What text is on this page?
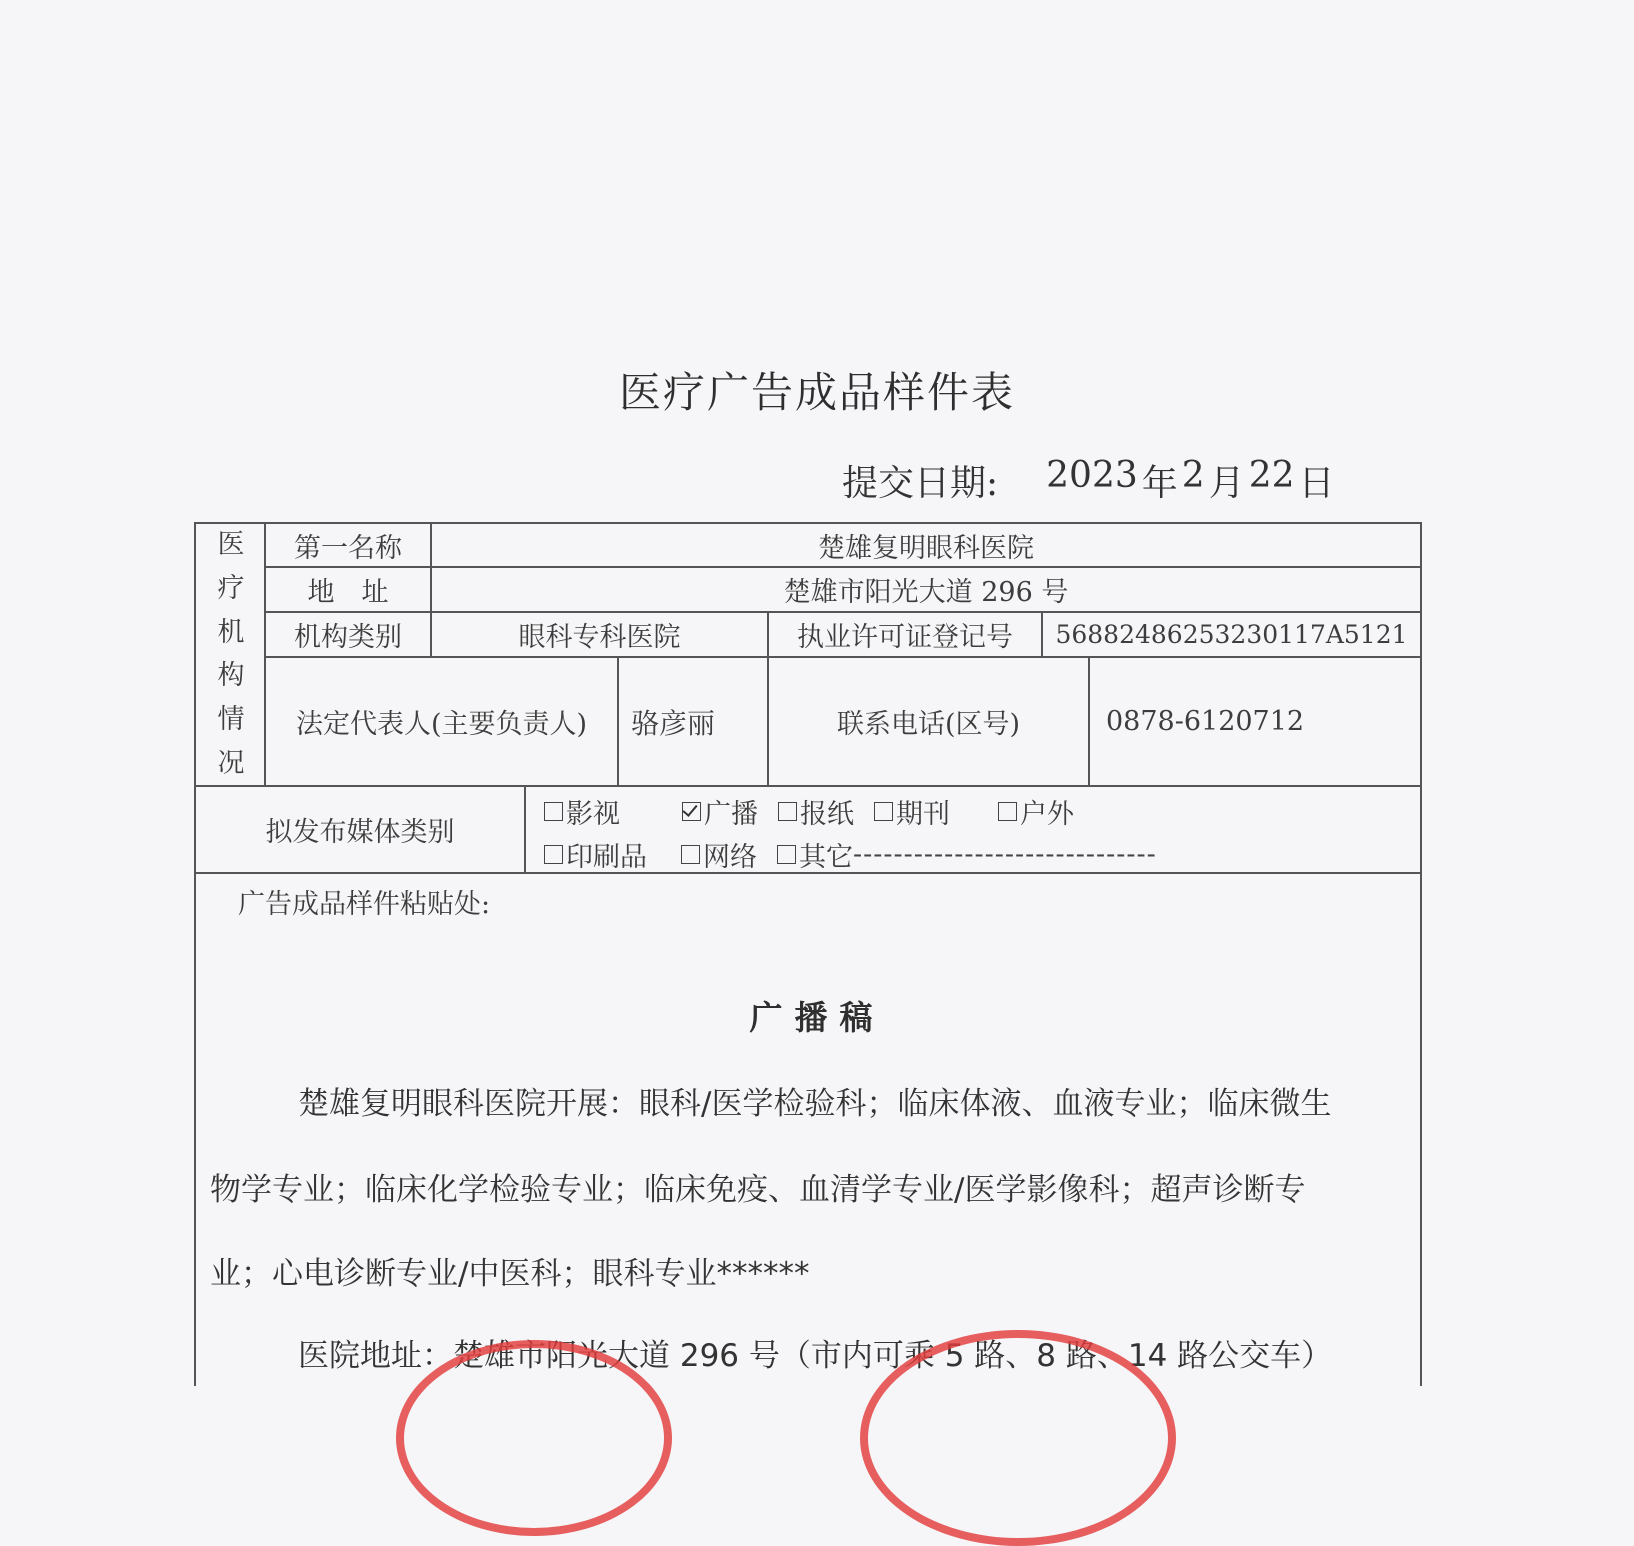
医疗广告成品样件表
提交日期: 2023 年 2 月 22 日
医
疗
机
构
情
况
第一名称	楚雄复明眼科医院
地　址	楚雄市阳光大道 296 号
机构类别	眼科专科医院	执业许可证登记号	56882486253230117A5121
法定代表人(主要负责人)	骆彦丽	联系电话(区号)	0878-6120712
拟发布媒体类别
影视	广播 报纸 期刊	户外
印刷品 网络 其它 ------------------------------
广告成品样件粘贴处:
广播稿
楚雄复明眼科医院开展：眼科/医学检验科；临床体液、血液专业；临床微生
物学专业；临床化学检验专业；临床免疫、血清学专业/医学影像科；超声诊断专
业；心电诊断专业/中医科；眼科专业******
医院地址：楚雄市阳光大道 296 号（市内可乘 5 路、8 路、14 路公交车）
